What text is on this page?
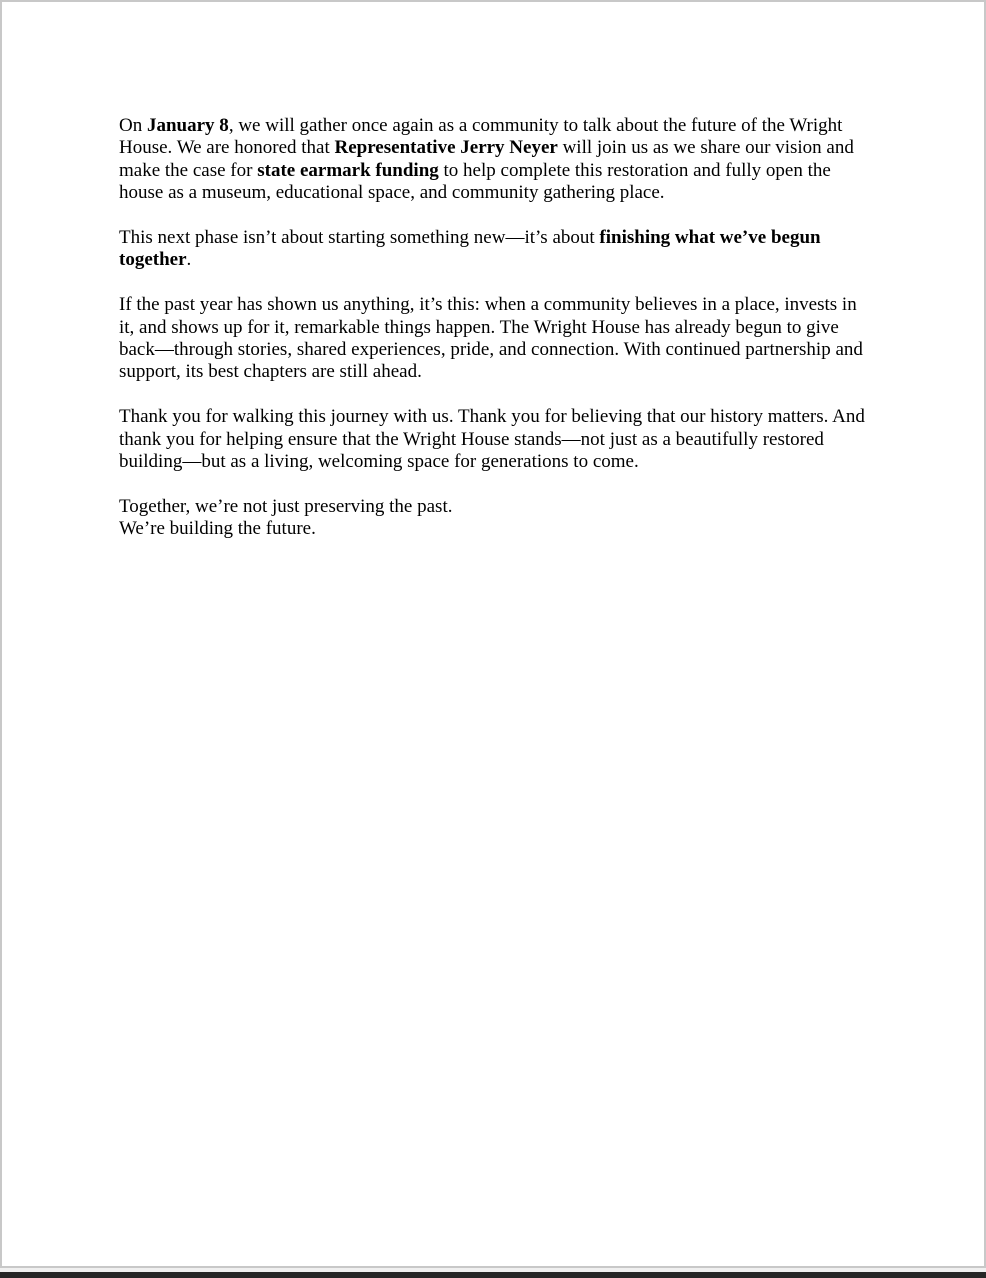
On January 8, we will gather once again as a community to talk about the future of the Wright House. We are honored that Representative Jerry Neyer will join us as we share our vision and make the case for state earmark funding to help complete this restoration and fully open the house as a museum, educational space, and community gathering place.

This next phase isn’t about starting something new—it’s about finishing what we’ve begun together.

If the past year has shown us anything, it’s this: when a community believes in a place, invests in it, and shows up for it, remarkable things happen. The Wright House has already begun to give back—through stories, shared experiences, pride, and connection. With continued partnership and support, its best chapters are still ahead.

Thank you for walking this journey with us. Thank you for believing that our history matters. And thank you for helping ensure that the Wright House stands—not just as a beautifully restored building—but as a living, welcoming space for generations to come.

Together, we’re not just preserving the past.
We’re building the future.
